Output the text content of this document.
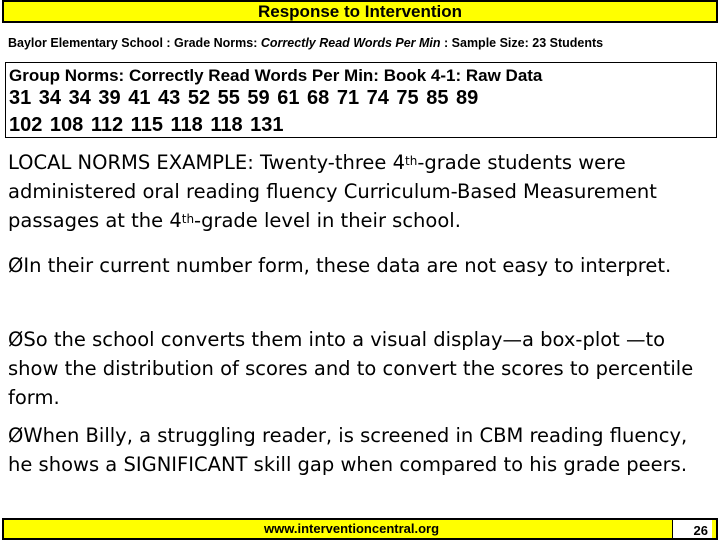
Response to Intervention
Baylor Elementary School : Grade Norms: Correctly Read Words Per Min : Sample Size: 23 Students
Group Norms: Correctly Read Words Per Min: Book 4-1: Raw Data
31 34 34 39 41 43 52 55 59 61 68 71 74 75 85 89
102 108 112 115 118 118 131
LOCAL NORMS EXAMPLE: Twenty-three 4th-grade students were administered oral reading fluency Curriculum-Based Measurement passages at the 4th-grade level in their school.
ØIn their current number form, these data are not easy to interpret.
ØSo the school converts them into a visual display—a box-plot —to show the distribution of scores and to convert the scores to percentile form.
ØWhen Billy, a struggling reader, is screened in CBM reading fluency, he shows a SIGNIFICANT skill gap when compared to his grade peers.
www.interventioncentral.org	26
